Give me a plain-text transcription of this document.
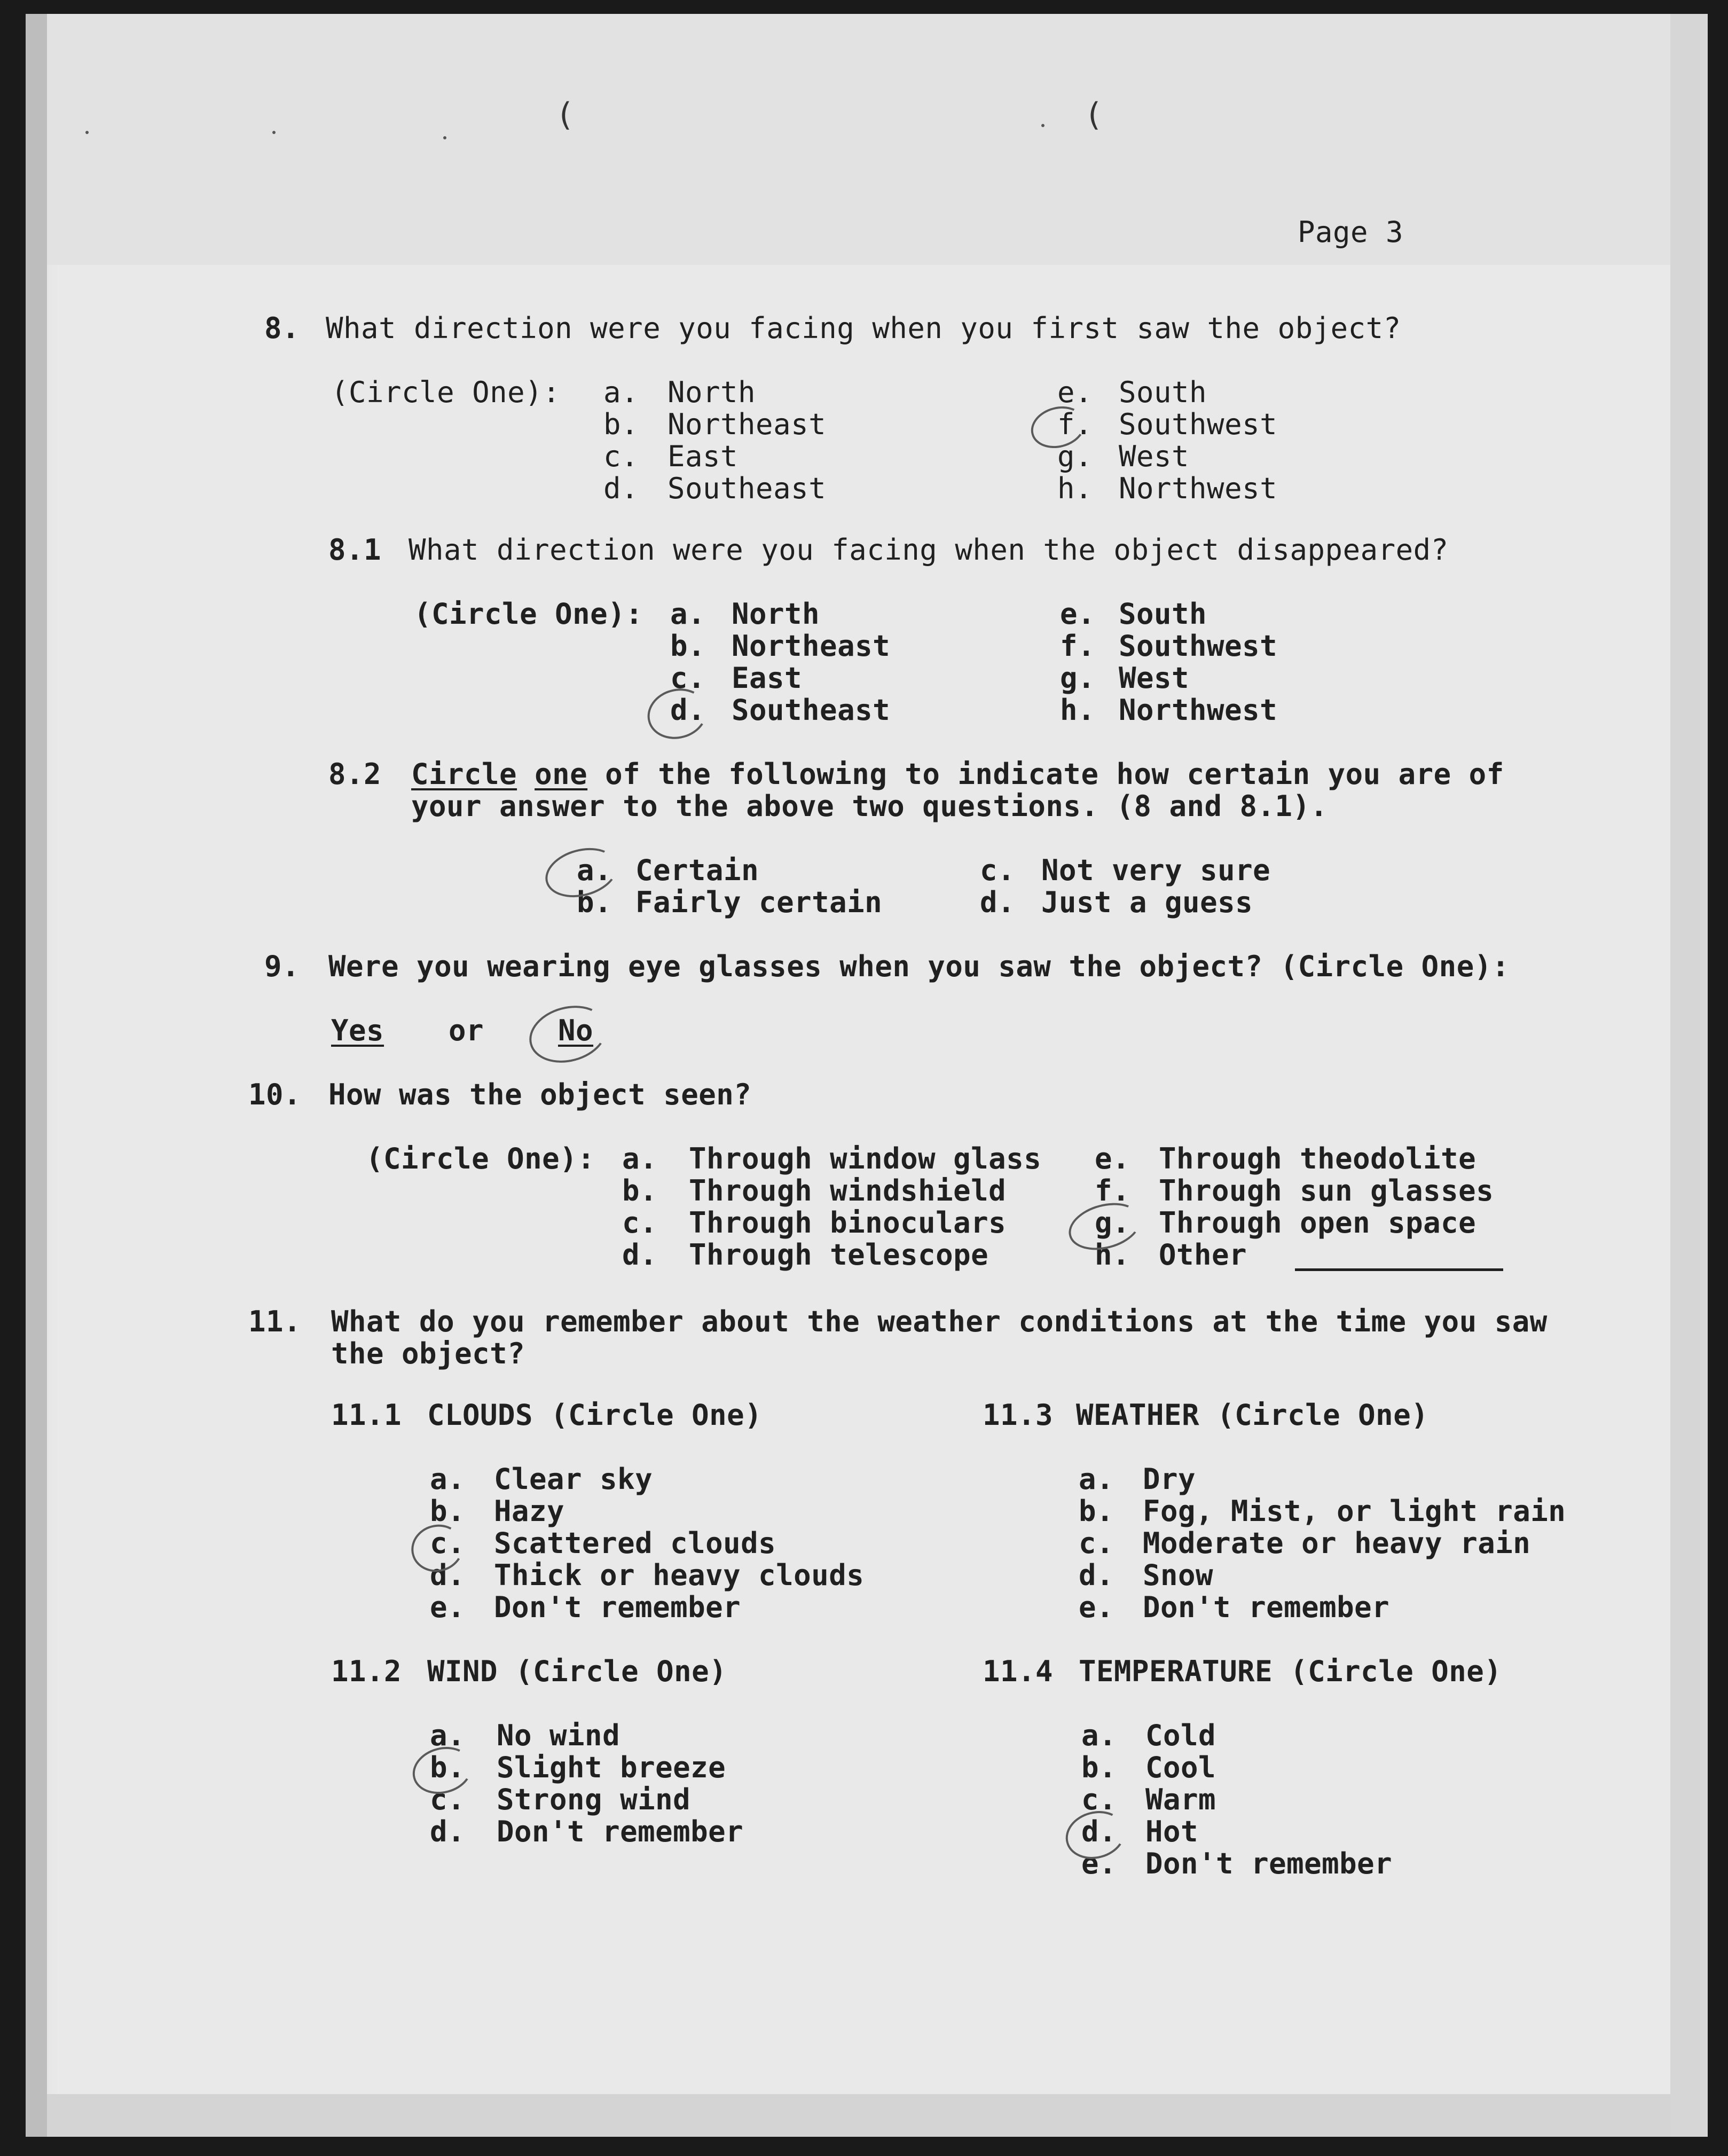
(	(
Page 3
8. What direction were you facing when you first saw the object?
(Circle One): a. North
b. Northeast
c. East
d. Southeast
e. South
f. Southwest
g. West
h. Northwest
8.1 What direction were you facing when the object disappeared?
(Circle One): a. North
b. Northeast
c. East
d. Southeast
e. South
f. Southwest
g. West
h. Northwest
8.2 Circle one of the following to indicate how certain you are of
your answer to the above two questions. (8 and 8.1).
a. Certain
b. Fairly certain
c. Not very sure
d. Just a guess
9. Were you wearing eye glasses when you saw the object? (Circle One):
Yes or	No
10. How was the object seen?
(Circle One): a. Through window glass
b. Through windshield
c. Through binoculars
d. Through telescope
e. Through theodolite
f. Through sun glasses
g. Through open space
h. Other
11. What do you remember about the weather conditions at the time you saw
the object?
11.1 CLOUDS (Circle One)
a. Clear sky
b. Hazy
c. Scattered clouds
d. Thick or heavy clouds
e. Don't remember
11.2 WIND (Circle One)
a. No wind
b. Slight breeze
c. Strong wind
d. Don't remember
11.3 WEATHER (Circle One)
a. Dry
b. Fog, Mist, or light rain
c. Moderate or heavy rain
d. Snow
e. Don't remember
11.4 TEMPERATURE (Circle One)
a. Cold
b. Cool
c. Warm
d. Hot
e. Don't remember
